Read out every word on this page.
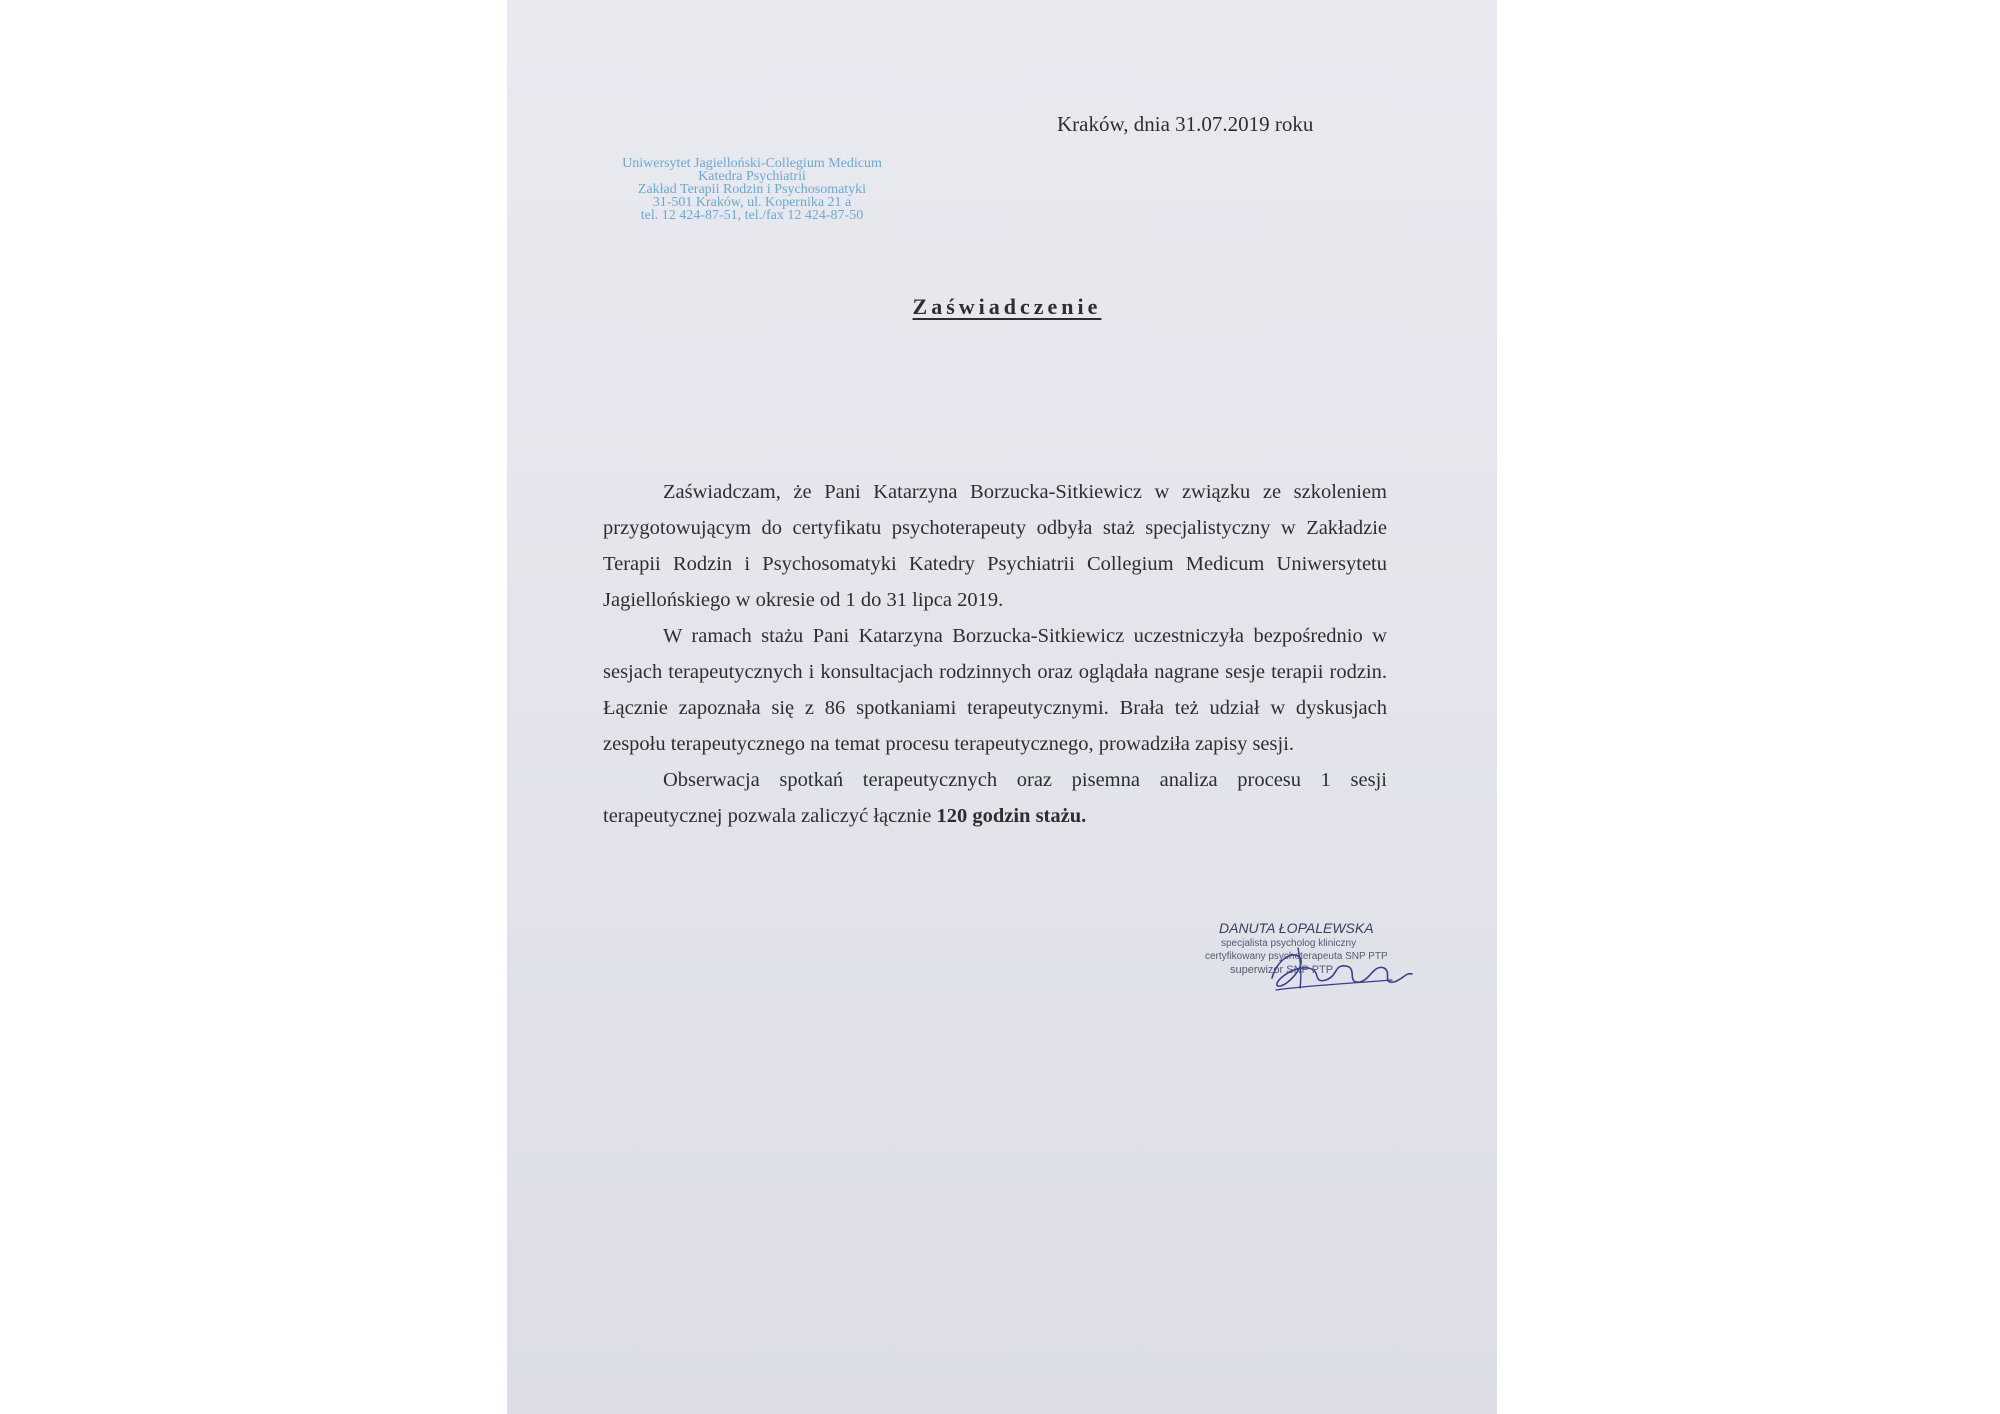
Kraków, dnia 31.07.2019 roku
Uniwersytet Jagielloński-Collegium Medicum
Katedra Psychiatrii
Zakład Terapii Rodzin i Psychosomatyki
31-501 Kraków, ul. Kopernika 21 a
tel. 12 424-87-51, tel./fax 12 424-87-50
Zaświadczenie

Zaświadczam, że Pani Katarzyna Borzucka-Sitkiewicz w związku ze szkoleniem przygotowującym do certyfikatu psychoterapeuty odbyła staż specjalistyczny w Zakładzie Terapii Rodzin i Psychosomatyki Katedry Psychiatrii Collegium Medicum Uniwersytetu Jagiellońskiego w okresie od 1 do 31 lipca 2019.

W ramach stażu Pani Katarzyna Borzucka-Sitkiewicz uczestniczyła bezpośrednio w sesjach terapeutycznych i konsultacjach rodzinnych oraz oglądała nagrane sesje terapii rodzin. Łącznie zapoznała się z 86 spotkaniami terapeutycznymi. Brała też udział w dyskusjach zespołu terapeutycznego na temat procesu terapeutycznego, prowadziła zapisy sesji.

Obserwacja spotkań terapeutycznych oraz pisemna analiza procesu 1 sesji terapeutycznej pozwala zaliczyć łącznie 120 godzin stażu.

DANUTA ŁOPALEWSKA
specjalista psycholog kliniczny
certyfikowany psychoterapeuta SNP PTP
superwizor SNP PTP
